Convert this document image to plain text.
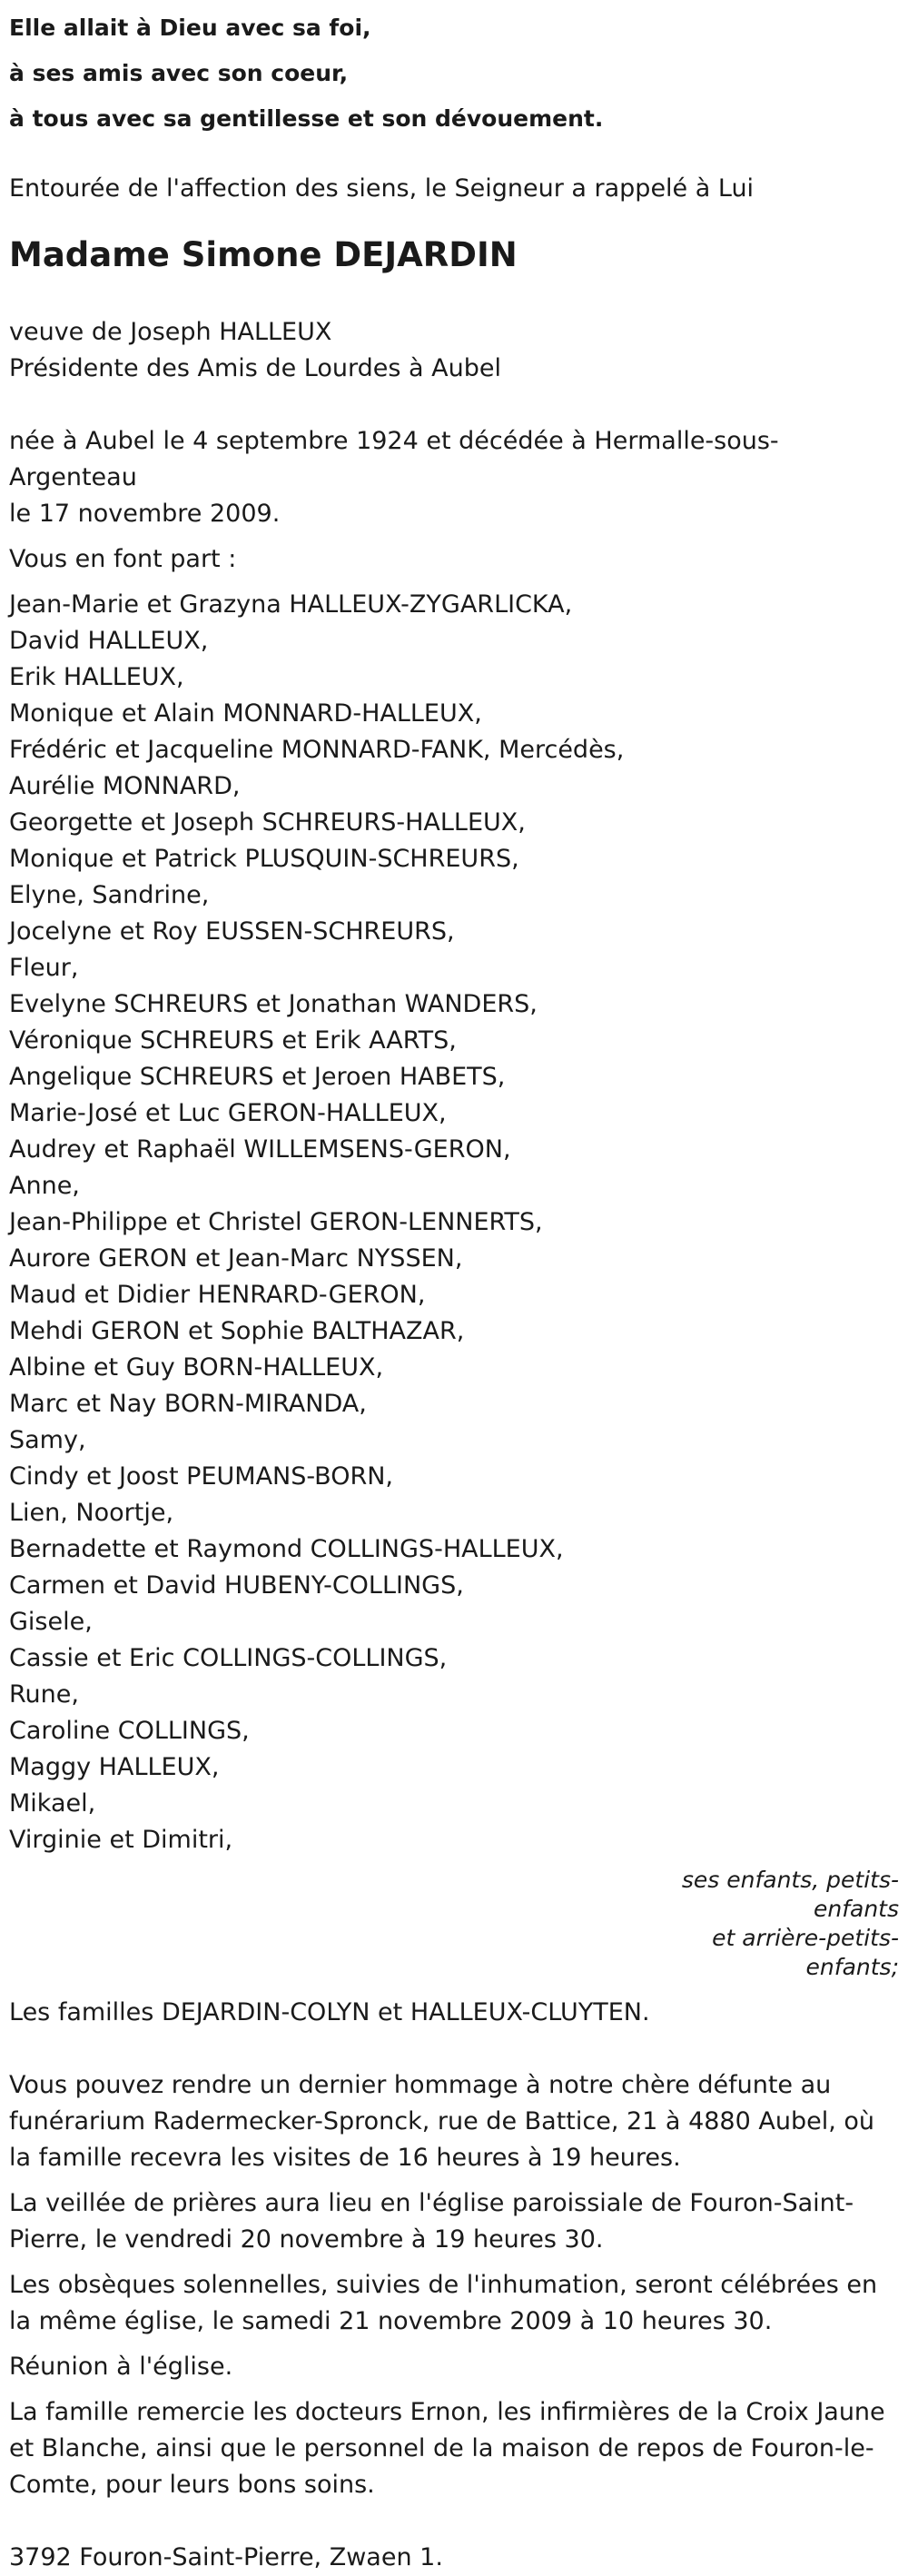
Elle allait à Dieu avec sa foi,
à ses amis avec son coeur,
à tous avec sa gentillesse et son dévouement.
Entourée de l'affection des siens, le Seigneur a rappelé à Lui
Madame Simone DEJARDIN
veuve de Joseph HALLEUX
Présidente des Amis de Lourdes à Aubel
née à Aubel le 4 septembre 1924 et décédée à Hermalle-sous-Argenteau
le 17 novembre 2009.
Vous en font part :
Jean-Marie et Grazyna HALLEUX-ZYGARLICKA,
David HALLEUX,
Erik HALLEUX,
Monique et Alain MONNARD-HALLEUX,
Frédéric et Jacqueline MONNARD-FANK, Mercédès,
Aurélie MONNARD,
Georgette et Joseph SCHREURS-HALLEUX,
Monique et Patrick PLUSQUIN-SCHREURS,
Elyne, Sandrine,
Jocelyne et Roy EUSSEN-SCHREURS,
Fleur,
Evelyne SCHREURS et Jonathan WANDERS,
Véronique SCHREURS et Erik AARTS,
Angelique SCHREURS et Jeroen HABETS,
Marie-José et Luc GERON-HALLEUX,
Audrey et Raphaël WILLEMSENS-GERON,
Anne,
Jean-Philippe et Christel GERON-LENNERTS,
Aurore GERON et Jean-Marc NYSSEN,
Maud et Didier HENRARD-GERON,
Mehdi GERON et Sophie BALTHAZAR,
Albine et Guy BORN-HALLEUX,
Marc et Nay BORN-MIRANDA,
Samy,
Cindy et Joost PEUMANS-BORN,
Lien, Noortje,
Bernadette et Raymond COLLINGS-HALLEUX,
Carmen et David HUBENY-COLLINGS,
Gisele,
Cassie et Eric COLLINGS-COLLINGS,
Rune,
Caroline COLLINGS,
Maggy HALLEUX,
Mikael,
Virginie et Dimitri,
ses enfants, petits-enfants
et arrière-petits-enfants;
Les familles DEJARDIN-COLYN et HALLEUX-CLUYTEN.
Vous pouvez rendre un dernier hommage à notre chère défunte au funérarium Radermecker-Spronck, rue de Battice, 21 à 4880 Aubel, où la famille recevra les visites de 16 heures à 19 heures.
La veillée de prières aura lieu en l'église paroissiale de Fouron-Saint-Pierre, le vendredi 20 novembre à 19 heures 30.
Les obsèques solennelles, suivies de l'inhumation, seront célébrées en la même église, le samedi 21 novembre 2009 à 10 heures 30.
Réunion à l'église.
La famille remercie les docteurs Ernon, les infirmières de la Croix Jaune et Blanche, ainsi que le personnel de la maison de repos de Fouron-le-Comte, pour leurs bons soins.
3792 Fouron-Saint-Pierre, Zwaen 1.
